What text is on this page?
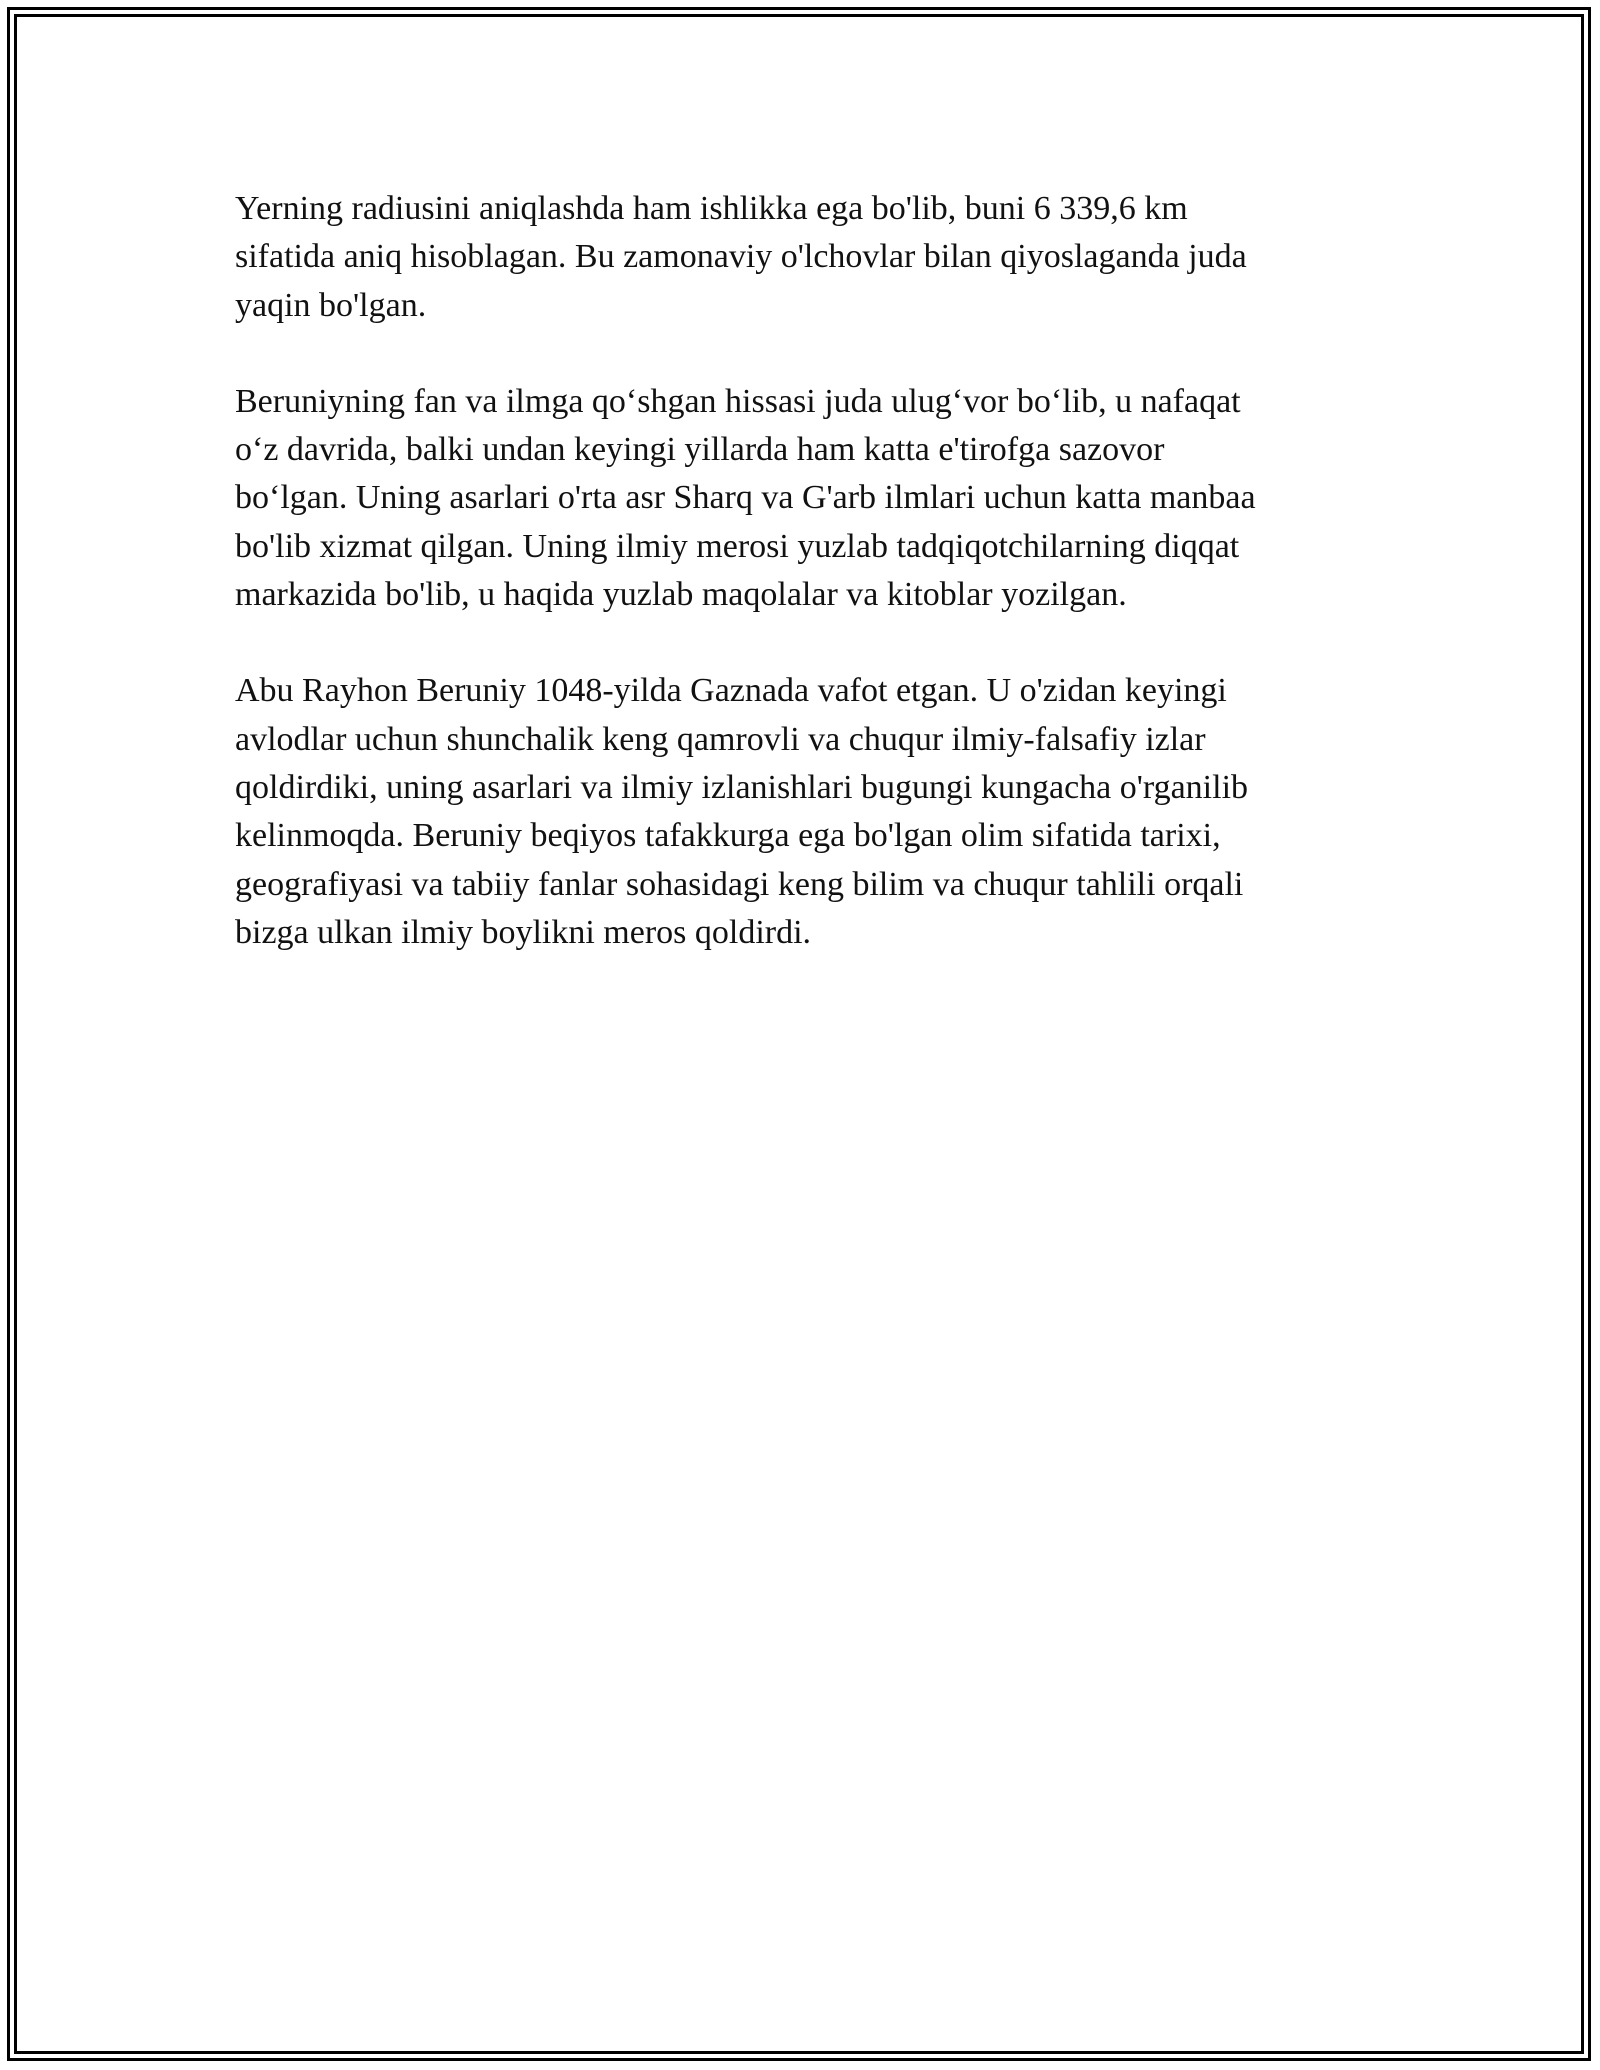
Yerning radiusini aniqlashda ham ishlikka ega bo'lib, buni 6 339,6 km
sifatida aniq hisoblagan. Bu zamonaviy o'lchovlar bilan qiyoslaganda juda
yaqin bo'lgan.

Beruniyning fan va ilmga qo‘shgan hissasi juda ulug‘vor bo‘lib, u nafaqat
o‘z davrida, balki undan keyingi yillarda ham katta e'tirofga sazovor
bo‘lgan. Uning asarlari o'rta asr Sharq va G'arb ilmlari uchun katta manbaa
bo'lib xizmat qilgan. Uning ilmiy merosi yuzlab tadqiqotchilarning diqqat
markazida bo'lib, u haqida yuzlab maqolalar va kitoblar yozilgan.

Abu Rayhon Beruniy 1048-yilda Gaznada vafot etgan. U o'zidan keyingi
avlodlar uchun shunchalik keng qamrovli va chuqur ilmiy-falsafiy izlar
qoldirdiki, uning asarlari va ilmiy izlanishlari bugungi kungacha o'rganilib
kelinmoqda. Beruniy beqiyos tafakkurga ega bo'lgan olim sifatida tarixi,
geografiyasi va tabiiy fanlar sohasidagi keng bilim va chuqur tahlili orqali
bizga ulkan ilmiy boylikni meros qoldirdi.
